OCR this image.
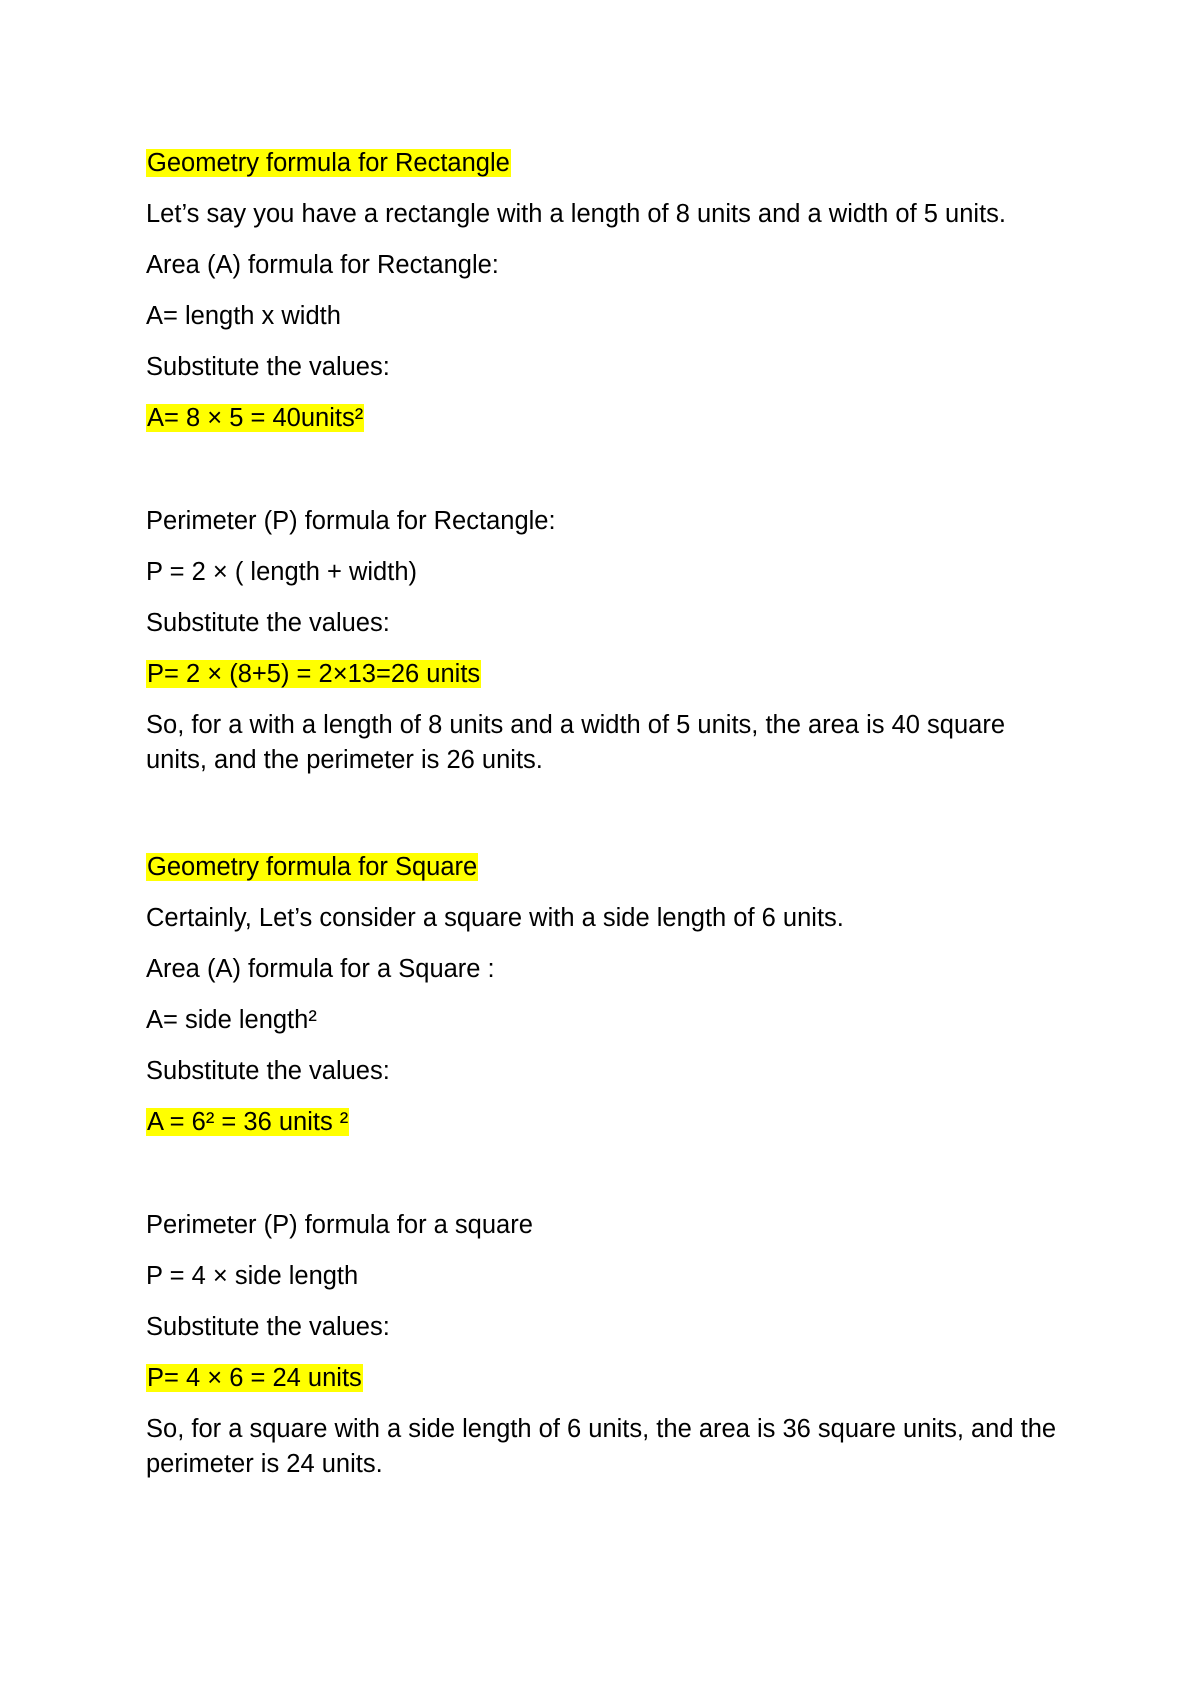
Geometry formula for Rectangle
Let’s say you have a rectangle with a length of 8 units and a width of 5 units.
Area (A) formula for Rectangle:
A= length x width
Substitute the values:
A= 8 × 5 = 40units²
Perimeter (P) formula for Rectangle:
P = 2 × ( length + width)
Substitute the values:
P= 2 × (8+5) = 2×13=26 units
So, for a with a length of 8 units and a width of 5 units, the area is 40 square units, and the perimeter is 26 units.
Geometry formula for Square
Certainly, Let’s consider a square with a side length of 6 units.
Area (A) formula for a Square :
A= side length²
Substitute the values:
A = 6² = 36 units ²
Perimeter (P) formula for a square
P = 4 × side length
Substitute the values:
P= 4 × 6 = 24 units
So, for a square with a side length of 6 units, the area is 36 square units, and the perimeter is 24 units.
